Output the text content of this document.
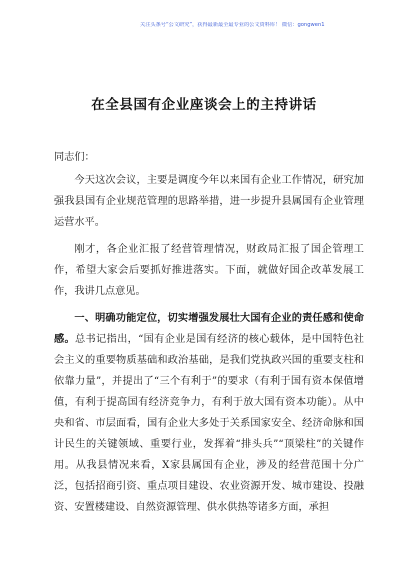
关注头条号“公文研究”，获得最新最全最专业的公文资料库！ 微信：gongwen1
在全县国有企业座谈会上的主持讲话

同志们：

今天这次会议，主要是调度今年以来国有企业工作情况，研究加强我县国有企业规范管理的思路举措，进一步提升县属国有企业管理运营水平。

刚才，各企业汇报了经营管理情况，财政局汇报了国企管理工作，希望大家会后要抓好推进落实。下面，就做好国企改革发展工作，我讲几点意见。

一、明确功能定位，切实增强发展壮大国有企业的责任感和使命感。总书记指出，“国有企业是国有经济的核心载体，是中国特色社会主义的重要物质基础和政治基础，是我们党执政兴国的重要支柱和依靠力量”，并提出了“三个有利于”的要求（有利于国有资本保值增值，有利于提高国有经济竞争力，有利于放大国有资本功能）。从中央和省、市层面看，国有企业大多处于关系国家安全、经济命脉和国计民生的关键领域、重要行业，发挥着“排头兵”“顶梁柱”的关键作用。从我县情况来看，X家县属国有企业，涉及的经营范围十分广泛，包括招商引资、重点项目建设、农业资源开发、城市建设、投融资、安置楼建设、自然资源管理、供水供热等诸多方面，承担
